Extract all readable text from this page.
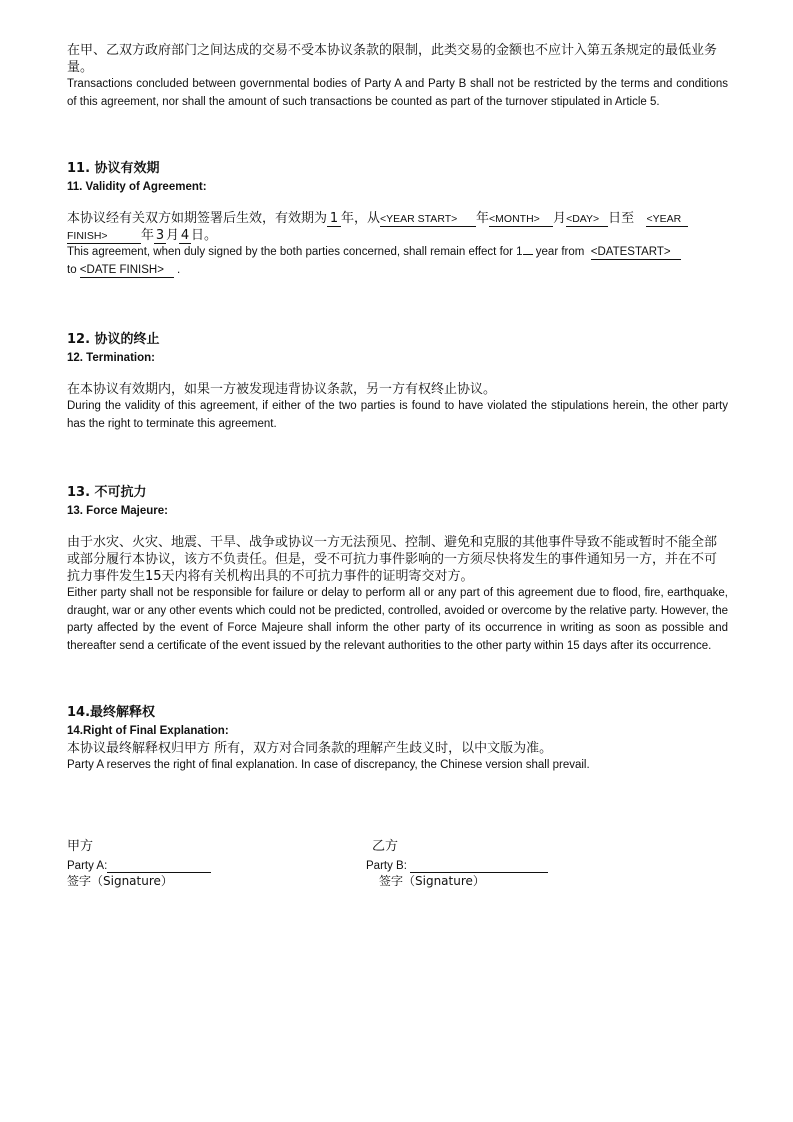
在甲、乙双方政府部门之间达成的交易不受本协议条款的限制，此类交易的金额也不应计入第五条规定的最低业务量。
Transactions concluded between governmental bodies of Party A and Party B shall not be restricted by the terms and conditions of this agreement, nor shall the amount of such transactions be counted as part of the turnover stipulated in Article 5.
11. 协议有效期
11. Validity of Agreement:
本协议经有关双方如期签署后生效，有效期为 1 年，从<YEAR START> 年<MONTH> 月<DAY> 日至 <YEAR
FINISH>	年 3 月 4 日。
This agreement, when duly signed by the both parties concerned, shall remain effect for 1 year from <DATESTART>
to <DATE FINISH> .
12. 协议的终止
12. Termination:
在本协议有效期内，如果一方被发现违背协议条款，另一方有权终止协议。
During the validity of this agreement, if either of the two parties is found to have violated the stipulations herein, the other party has the right to terminate this agreement.
13. 不可抗力
13. Force Majeure:
由于水灾、火灾、地震、干旱、战争或协议一方无法预见、控制、避免和克服的其他事件导致不能或暂时不能全部或部分履行本协议，该方不负责任。但是，受不可抗力事件影响的一方须尽快将发生的事件通知另一方，并在不可抗力事件发生15天内将有关机构出具的不可抗力事件的证明寄交对方。
Either party shall not be responsible for failure or delay to perform all or any part of this agreement due to flood, fire, earthquake, draught, war or any other events which could not be predicted, controlled, avoided or overcome by the relative party. However, the party affected by the event of Force Majeure shall inform the other party of its occurrence in writing as soon as possible and thereafter send a certificate of the event issued by the relevant authorities to the other party within 15 days after its occurrence.
14.最终解释权
14.Right of Final Explanation:
本协议最终解释权归甲方 所有，双方对合同条款的理解产生歧义时，以中文版为准。
Party A reserves the right of final explanation. In case of discrepancy, the Chinese version shall prevail.
甲方
Party A:
签字（Signature）
乙方
Party B:
签字（Signature）
